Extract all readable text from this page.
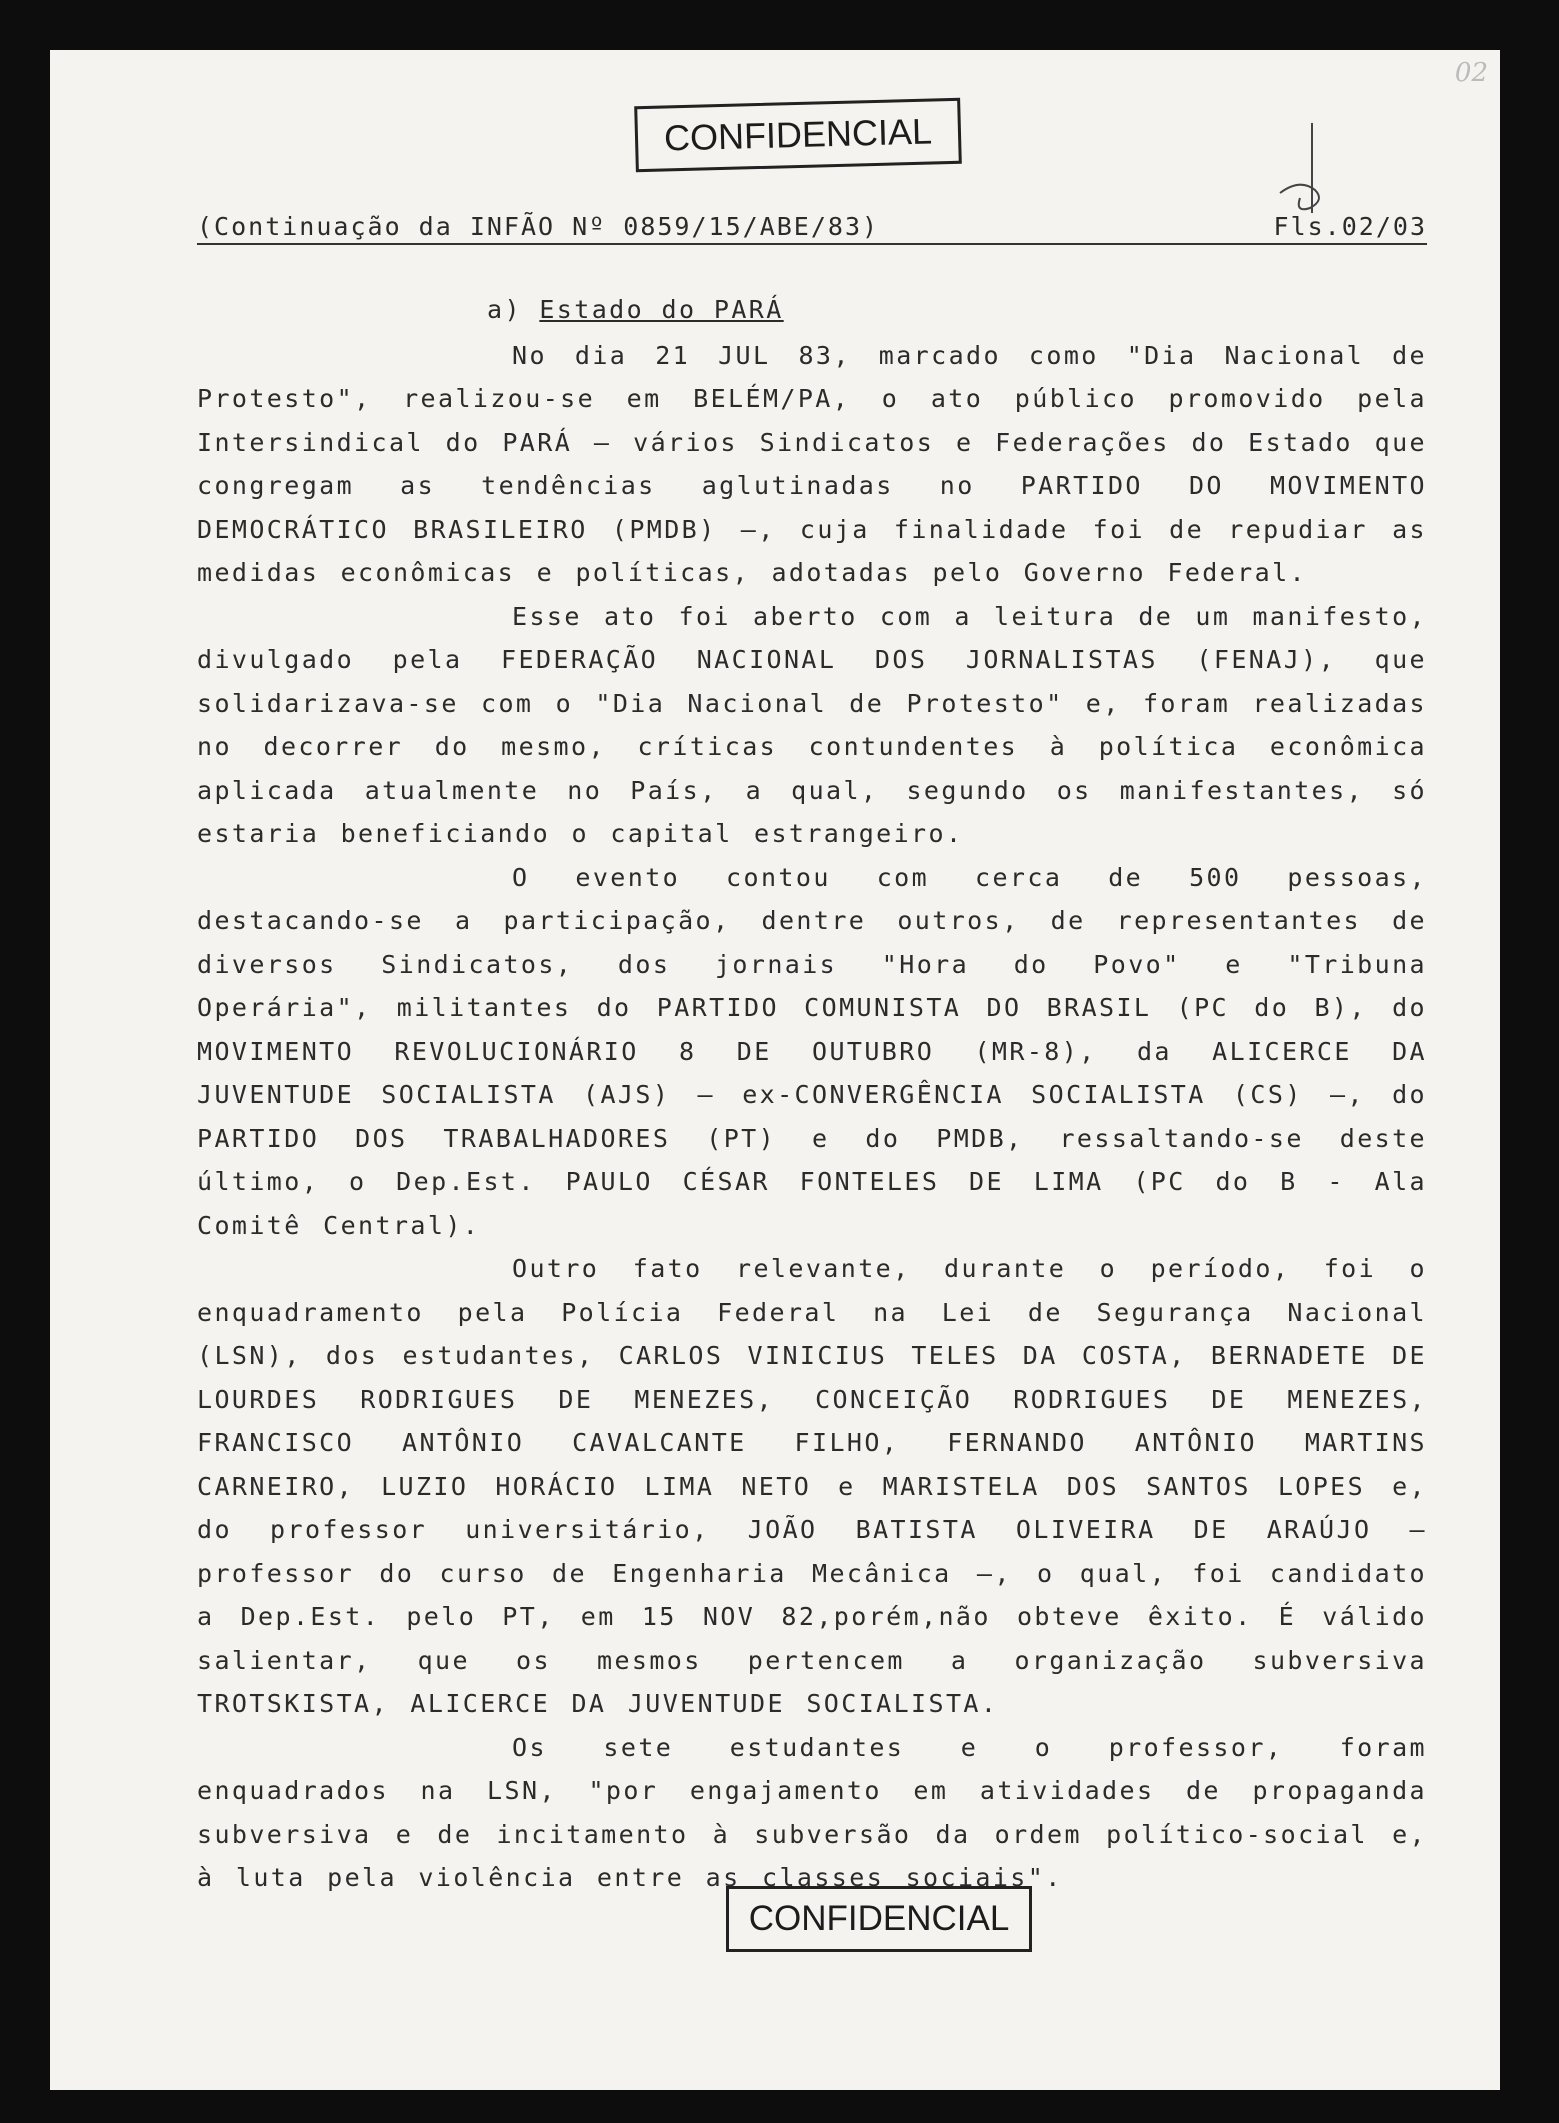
02
CONFIDENCIAL
(Continuação da INFÃO Nº 0859/15/ABE/83)	Fls.02/03
a) Estado do PARÁ

No dia 21 JUL 83, marcado como "Dia Nacional de Protesto", realizou-se em BELÉM/PA, o ato público promovido pela Intersindical do PARÁ – vários Sindicatos e Federações do Estado que congregam as tendências aglutinadas no PARTIDO DO MOVIMENTO DEMOCRÁTICO BRASILEIRO (PMDB) –, cuja finalidade foi de repudiar as medidas econômicas e políticas, adotadas pelo Governo Federal.

Esse ato foi aberto com a leitura de um manifesto, divulgado pela FEDERAÇÃO NACIONAL DOS JORNALISTAS (FENAJ), que solidarizava-se com o "Dia Nacional de Protesto" e, foram realizadas no decorrer do mesmo, críticas contundentes à política econômica aplicada atualmente no País, a qual, segundo os manifestantes, só estaria beneficiando o capital estrangeiro.

O evento contou com cerca de 500 pessoas, destacando-se a participação, dentre outros, de representantes de diversos Sindicatos, dos jornais "Hora do Povo" e "Tribuna Operária", militantes do PARTIDO COMUNISTA DO BRASIL (PC do B), do MOVIMENTO REVOLUCIONÁRIO 8 DE OUTUBRO (MR-8), da ALICERCE DA JUVENTUDE SOCIALISTA (AJS) – ex-CONVERGÊNCIA SOCIALISTA (CS) –, do PARTIDO DOS TRABALHADORES (PT) e do PMDB, ressaltando-se deste último, o Dep.Est. PAULO CÉSAR FONTELES DE LIMA (PC do B - Ala Comitê Central).

Outro fato relevante, durante o período, foi o enquadramento pela Polícia Federal na Lei de Segurança Nacional (LSN), dos estudantes, CARLOS VINICIUS TELES DA COSTA, BERNADETE DE LOURDES RODRIGUES DE MENEZES, CONCEIÇÃO RODRIGUES DE MENEZES, FRANCISCO ANTÔNIO CAVALCANTE FILHO, FERNANDO ANTÔNIO MARTINS CARNEIRO, LUZIO HORÁCIO LIMA NETO e MARISTELA DOS SANTOS LOPES e, do professor universitário, JOÃO BATISTA OLIVEIRA DE ARAÚJO – professor do curso de Engenharia Mecânica –, o qual, foi candidato a Dep.Est. pelo PT, em 15 NOV 82,porém,não obteve êxito. É válido salientar, que os mesmos pertencem a organização subversiva TROTSKISTA, ALICERCE DA JUVENTUDE SOCIALISTA.

Os sete estudantes e o professor, foram enquadrados na LSN, "por engajamento em atividades de propaganda subversiva e de incitamento à subversão da ordem político-social e, à luta pela violência entre as classes sociais".

CONFIDENCIAL
